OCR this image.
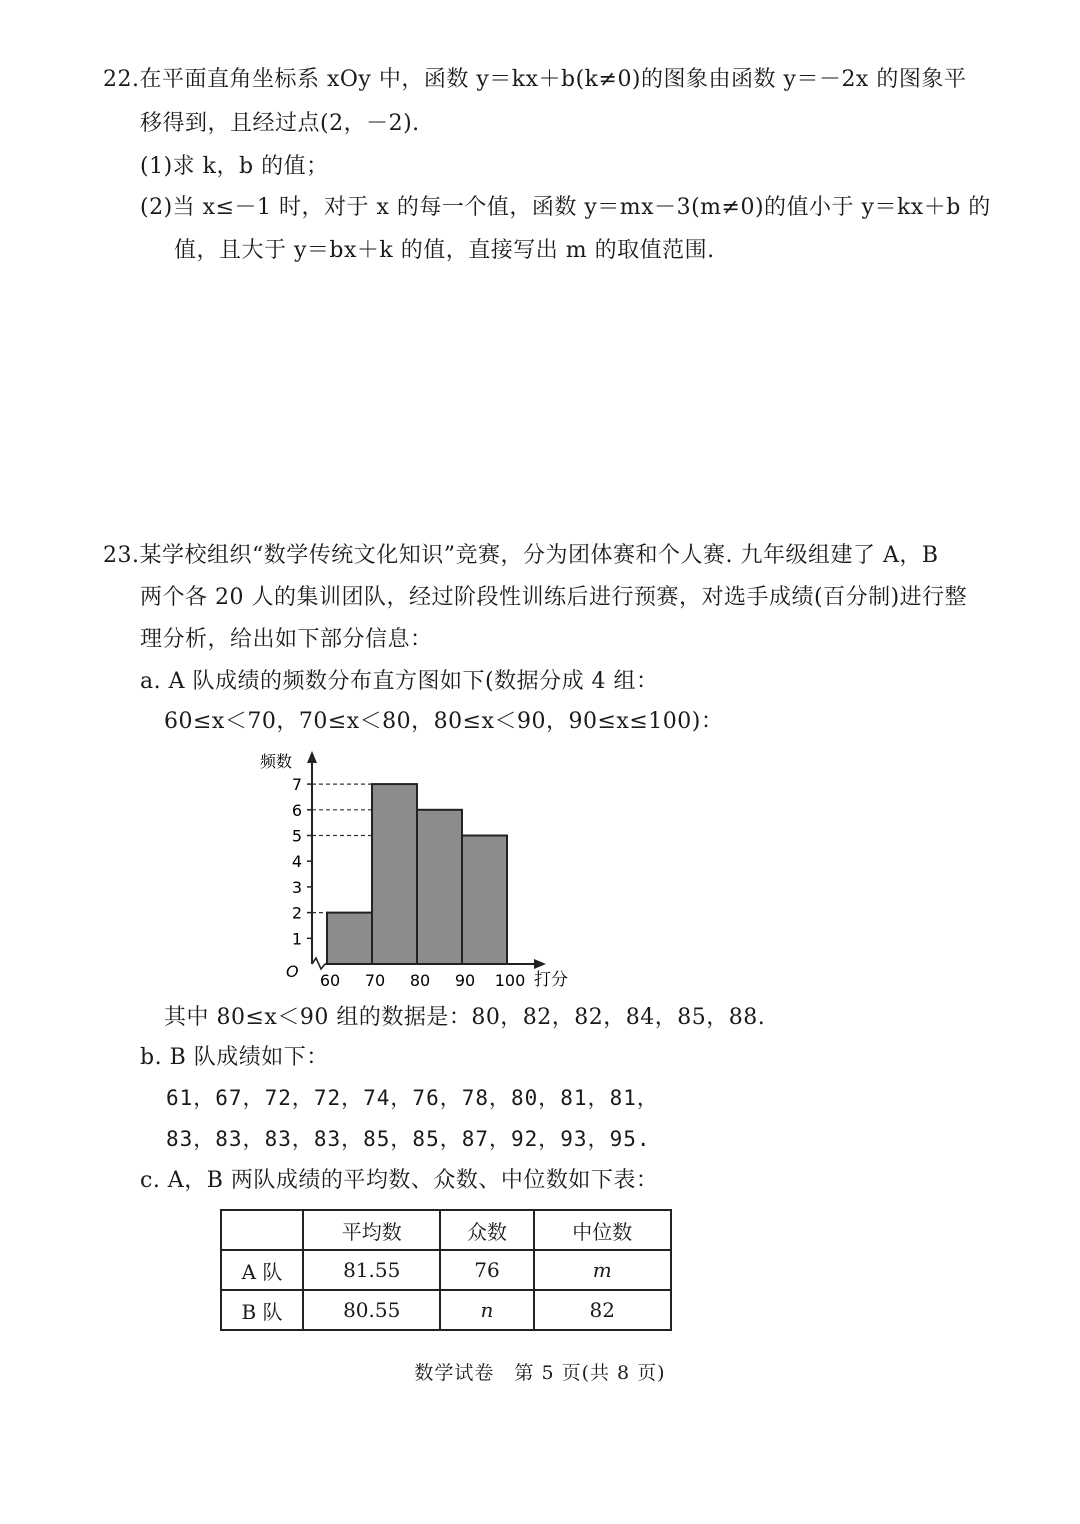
22.在平面直角坐标系 xOy 中，函数 y＝kx＋b(k≠0)的图象由函数 y＝－2x 的图象平
移得到，且经过点(2，－2).
(1)求 k，b 的值；
(2)当 x≤－1 时，对于 x 的每一个值，函数 y＝mx－3(m≠0)的值小于 y＝kx＋b 的
值，且大于 y＝bx＋k 的值，直接写出 m 的取值范围.
23.某学校组织“数学传统文化知识”竞赛，分为团体赛和个人赛. 九年级组建了 A，B
两个各 20 人的集训团队，经过阶段性训练后进行预赛，对选手成绩(百分制)进行整
理分析，给出如下部分信息：
a. A 队成绩的频数分布直方图如下(数据分成 4 组：
60≤x＜70，70≤x＜80，80≤x＜90，90≤x≤100)：
1
2
3
4
5
6
7
60 70 80 90 100
频数
打分
O
其中 80≤x＜90 组的数据是：80，82，82，84，85，88.
b. B 队成绩如下：
61，67，72，72，74，76，78，80，81，81，
83，83，83，83，85，85，87，92，93，95.
c. A，B 两队成绩的平均数、众数、中位数如下表：
	平均数	众数	中位数
A 队	81.55	76	m
B 队	80.55	n	82
数学试卷　第 5 页(共 8 页)
